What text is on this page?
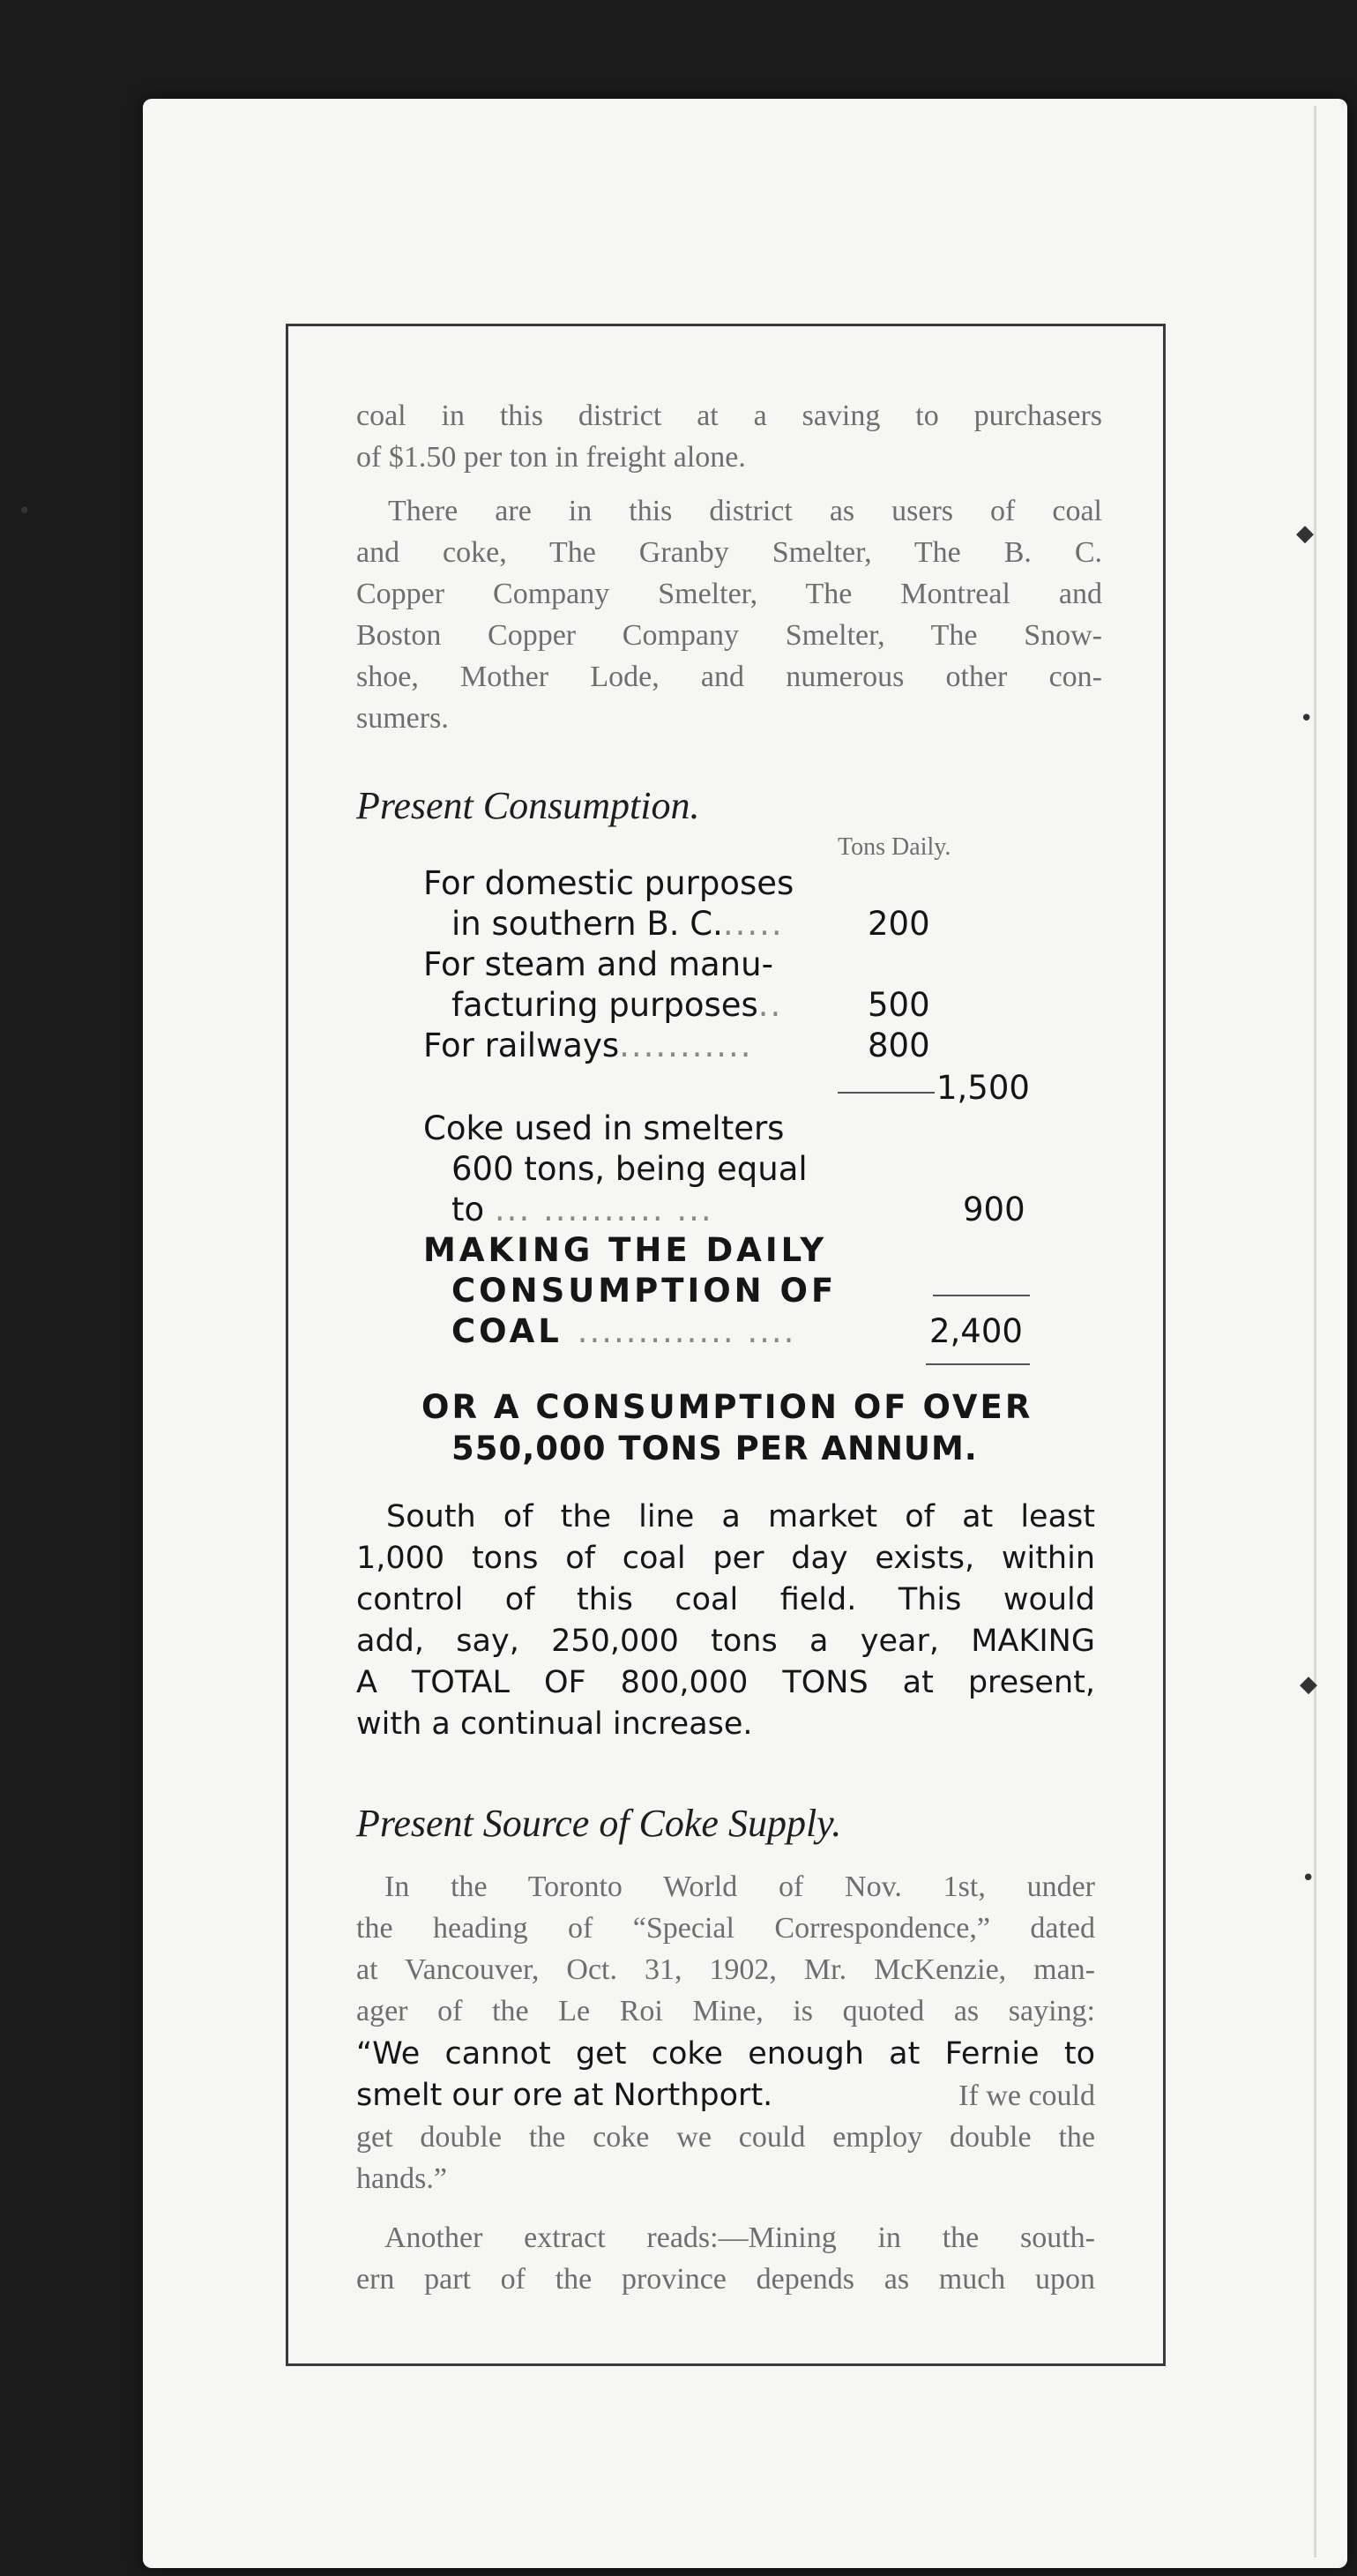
◆
•
◆
•
•
coal in this district at a saving to purchasers
of $1.50 per ton in freight alone.
There are in this district as users of coal
and coke, The Granby Smelter, The B. C.
Copper Company Smelter, The Montreal and
Boston Copper Company Smelter, The Snow-
shoe, Mother Lode, and numerous other con-
sumers.
Present Consumption.
Tons Daily.
For domestic purposes
in southern B. C......	200
For steam and manu-
facturing purposes..	500
For railways...........	800
1,500
Coke used in smelters
600 tons, being equal
to ... .......... ...	900
MAKING THE DAILY
CONSUMPTION OF
COAL ............. ....	2,400
OR A CONSUMPTION OF OVER
550,000 TONS PER ANNUM.
South of the line a market of at least
1,000 tons of coal per day exists, within
control of this coal field. This would
add, say, 250,000 tons a year, MAKING
A TOTAL OF 800,000 TONS at present,
with a continual increase.
Present Source of Coke Supply.
In the Toronto World of Nov. 1st, under
the heading of “Special Correspondence,” dated
at Vancouver, Oct. 31, 1902, Mr. McKenzie, man-
ager of the Le Roi Mine, is quoted as saying:
“We cannot get coke enough at Fernie to
smelt our ore at Northport.	If we could
get double the coke we could employ double the
hands.”
Another extract reads:—Mining in the south-
ern part of the province depends as much upon
